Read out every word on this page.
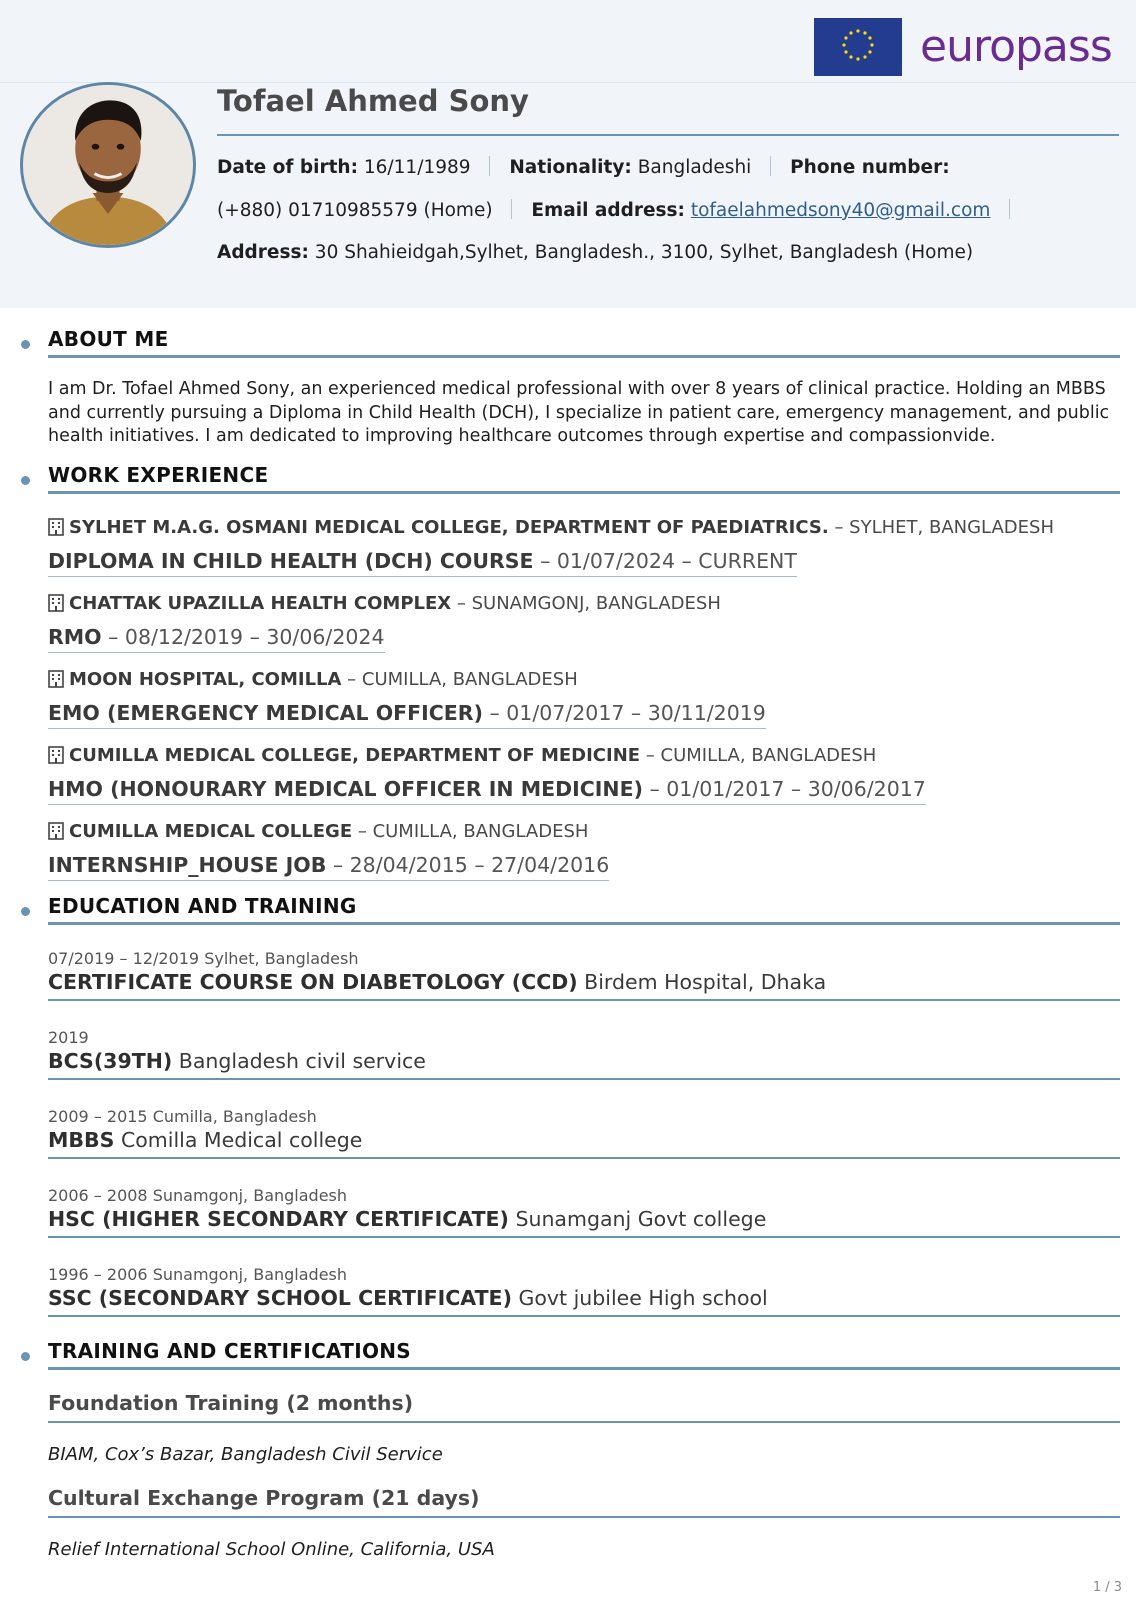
europass
Tofael Ahmed Sony
Date of birth: 16/11/1989 Nationality: Bangladeshi Phone number:
(+880) 01710985579 (Home) Email address: tofaelahmedsony40@gmail.com
Address: 30 Shahieidgah,Sylhet, Bangladesh., 3100, Sylhet, Bangladesh (Home)
ABOUT ME
I am Dr. Tofael Ahmed Sony, an experienced medical professional with over 8 years of clinical practice. Holding an MBBS and currently pursuing a Diploma in Child Health (DCH), I specialize in patient care, emergency management, and public health initiatives. I am dedicated to improving healthcare outcomes through expertise and compassionvide.
WORK EXPERIENCE
SYLHET M.A.G. OSMANI MEDICAL COLLEGE, DEPARTMENT OF PAEDIATRICS. – SYLHET, BANGLADESH
DIPLOMA IN CHILD HEALTH (DCH) COURSE – 01/07/2024 – CURRENT
CHATTAK UPAZILLA HEALTH COMPLEX – SUNAMGONJ, BANGLADESH
RMO – 08/12/2019 – 30/06/2024
MOON HOSPITAL, COMILLA – CUMILLA, BANGLADESH
EMO (EMERGENCY MEDICAL OFFICER) – 01/07/2017 – 30/11/2019
CUMILLA MEDICAL COLLEGE, DEPARTMENT OF MEDICINE – CUMILLA, BANGLADESH
HMO (HONOURARY MEDICAL OFFICER IN MEDICINE) – 01/01/2017 – 30/06/2017
CUMILLA MEDICAL COLLEGE – CUMILLA, BANGLADESH
INTERNSHIP_HOUSE JOB – 28/04/2015 – 27/04/2016
EDUCATION AND TRAINING
07/2019 – 12/2019 Sylhet, Bangladesh
CERTIFICATE COURSE ON DIABETOLOGY (CCD) Birdem Hospital, Dhaka
2019
BCS(39TH) Bangladesh civil service
2009 – 2015 Cumilla, Bangladesh
MBBS Comilla Medical college
2006 – 2008 Sunamgonj, Bangladesh
HSC (HIGHER SECONDARY CERTIFICATE) Sunamganj Govt college
1996 – 2006 Sunamgonj, Bangladesh
SSC (SECONDARY SCHOOL CERTIFICATE) Govt jubilee High school
TRAINING AND CERTIFICATIONS
Foundation Training (2 months)
BIAM, Cox’s Bazar, Bangladesh Civil Service
Cultural Exchange Program (21 days)
Relief International School Online, California, USA
1 / 3
